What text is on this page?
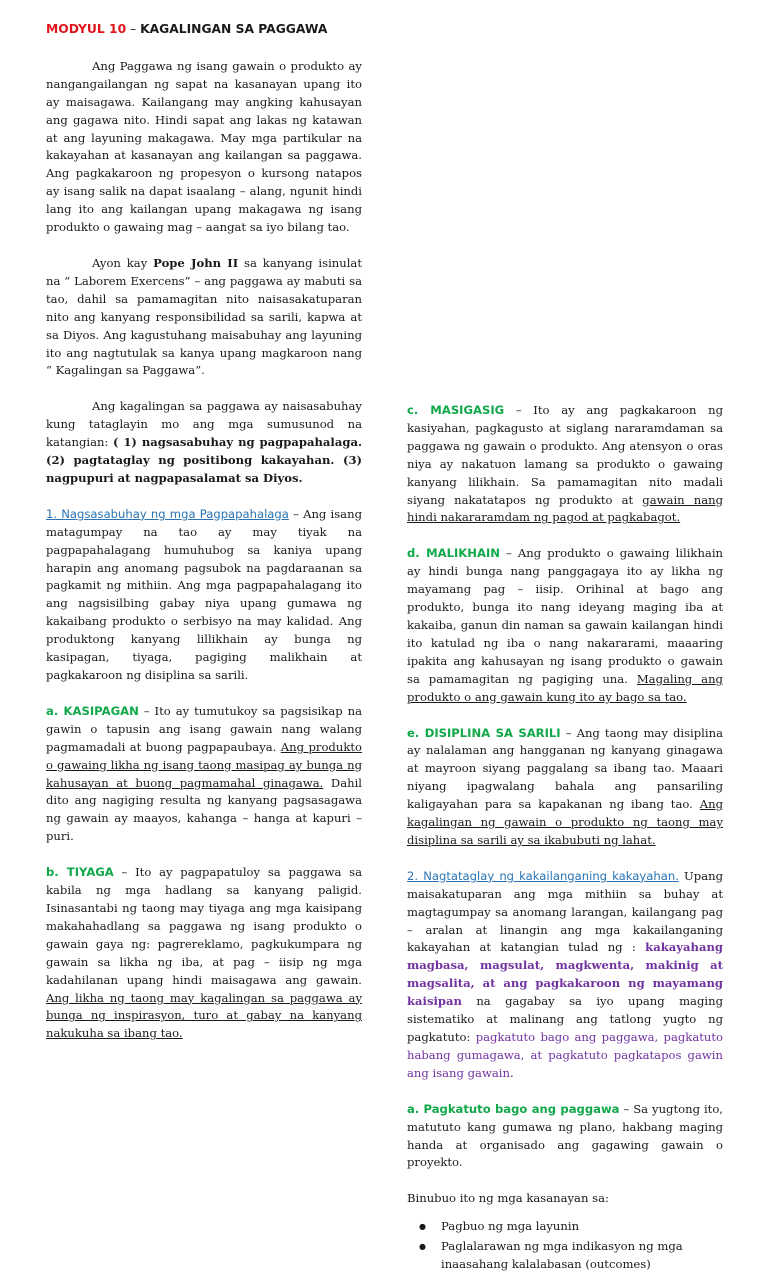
MODYUL 10 – KAGALINGAN SA PAGGAWA

Ang Paggawa ng isang gawain o produkto ay nangangailangan ng sapat na kasanayan upang ito ay maisagawa. Kailangang may angking kahusayan ang gagawa nito. Hindi sapat ang lakas ng katawan at ang layuning makagawa. May mga partikular na kakayahan at kasanayan ang kailangan sa paggawa. Ang pagkakaroon ng propesyon o kursong natapos ay isang salik na dapat isaalang – alang, ngunit hindi lang ito ang kailangan upang makagawa ng isang produkto o gawaing mag – aangat sa iyo bilang tao.

Ayon kay Pope John II sa kanyang isinulat na “ Laborem Exercens” – ang paggawa ay mabuti sa tao, dahil sa pamamagitan nito naisasakatuparan nito ang kanyang responsibilidad sa sarili, kapwa at sa Diyos. Ang kagustuhang maisabuhay ang layuning ito ang nagtutulak sa kanya upang magkaroon nang “ Kagalingan sa Paggawa”.

Ang kagalingan sa paggawa ay naisasabuhay kung tataglayin mo ang mga sumusunod na katangian: ( 1) nagsasabuhay ng pagpapahalaga. (2) pagtataglay ng positibong kakayahan. (3) nagpupuri at nagpapasalamat sa Diyos.

1. Nagsasabuhay ng mga Pagpapahalaga – Ang isang matagumpay na tao ay may tiyak na pagpapahalagang humuhubog sa kaniya upang harapin ang anomang pagsubok na pagdaraanan sa pagkamit ng mithiin. Ang mga pagpapahalagang ito ang nagsisilbing gabay niya upang gumawa ng kakaibang produkto o serbisyo na may kalidad. Ang produktong kanyang lillikhain ay bunga ng kasipagan, tiyaga, pagiging malikhain at pagkakaroon ng disiplina sa sarili.

a. KASIPAGAN – Ito ay tumutukoy sa pagsisikap na gawin o tapusin ang isang gawain nang walang pagmamadali at buong pagpapaubaya. Ang produkto o gawaing likha ng isang taong masipag ay bunga ng kahusayan at buong pagmamahal ginagawa. Dahil dito ang nagiging resulta ng kanyang pagsasagawa ng gawain ay maayos, kahanga – hanga at kapuri – puri.

b. TIYAGA – Ito ay pagpapatuloy sa paggawa sa kabila ng mga hadlang sa kanyang paligid. Isinasantabi ng taong may tiyaga ang mga kaisipang makahahadlang sa paggawa ng isang produkto o gawain gaya ng: pagrereklamo, pagkukumpara ng gawain sa likha ng iba, at pag – iisip ng mga kadahilanan upang hindi maisagawa ang gawain. Ang likha ng taong may kagalingan sa paggawa ay bunga ng inspirasyon, turo at gabay na kanyang nakukuha sa ibang tao.

c. MASIGASIG – Ito ay ang pagkakaroon ng kasiyahan, pagkagusto at siglang nararamdaman sa paggawa ng gawain o produkto. Ang atensyon o oras niya ay nakatuon lamang sa produkto o gawaing kanyang lilikhain. Sa pamamagitan nito madali siyang nakatatapos ng produkto at gawain nang hindi nakararamdam ng pagod at pagkabagot.

d. MALIKHAIN – Ang produkto o gawaing lilikhain ay hindi bunga nang panggagaya ito ay likha ng mayamang pag – iisip. Orihinal at bago ang produkto, bunga ito nang ideyang maging iba at kakaiba, ganun din naman sa gawain kailangan hindi ito katulad ng iba o nang nakararami, maaaring ipakita ang kahusayan ng isang produkto o gawain sa pamamagitan ng pagiging una. Magaling ang produkto o ang gawain kung ito ay bago sa tao.

e. DISIPLINA SA SARILI – Ang taong may disiplina ay nalalaman ang hangganan ng kanyang ginagawa at mayroon siyang paggalang sa ibang tao. Maaari niyang ipagwalang bahala ang pansariling kaligayahan para sa kapakanan ng ibang tao. Ang kagalingan ng gawain o produkto ng taong may disiplina sa sarili ay sa ikabubuti ng lahat.

2. Nagtataglay ng kakailanganing kakayahan. Upang maisakatuparan ang mga mithiin sa buhay at magtagumpay sa anomang larangan, kailangang pag – aralan at linangin ang mga kakailanganing kakayahan at katangian tulad ng : kakayahang magbasa, magsulat, magkwenta, makinig at magsalita, at ang pagkakaroon ng mayamang kaisipan na gagabay sa iyo upang maging sistematiko at malinang ang tatlong yugto ng pagkatuto: pagkatuto bago ang paggawa, pagkatuto habang gumagawa, at pagkatuto pagkatapos gawin ang isang gawain.

a. Pagkatuto bago ang paggawa – Sa yugtong ito, matututo kang gumawa ng plano, hakbang maging handa at organisado ang gagawing gawain o proyekto.

Binubuo ito ng mga kasanayan sa:

● Pagbuo ng mga layunin
● Paglalarawan ng mga indikasyon ng mga inaasahang kalalabasan (outcomes)
